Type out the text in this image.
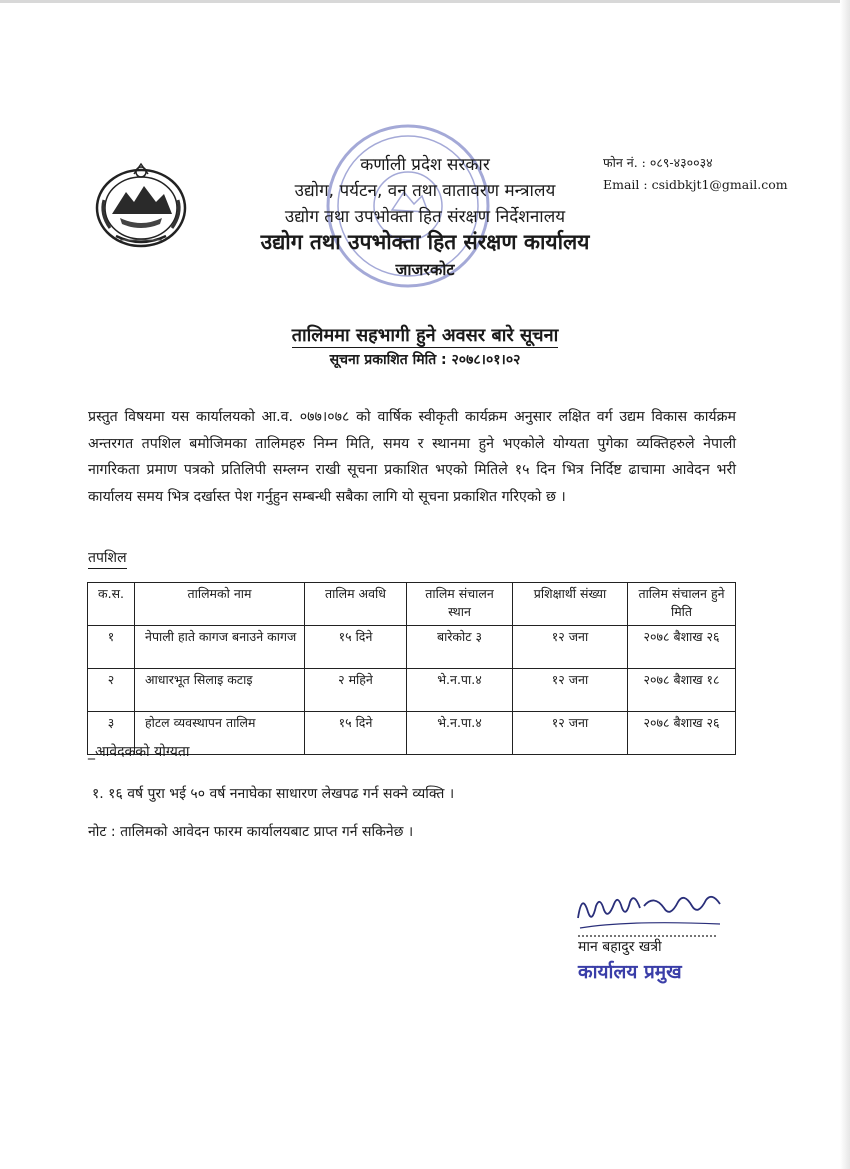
कर्णाली प्रदेश सरकार
उद्योग, पर्यटन, वन तथा वातावरण मन्त्रालय
उद्योग तथा उपभोक्ता हित संरक्षण निर्देशनालय
उद्योग तथा उपभोक्ता हित संरक्षण कार्यालय
जाजरकोट
फोन नं. : ०८९-४३००३४
Email : csidbkjt1@gmail.com
तालिममा सहभागी हुने अवसर बारे सूचना
सूचना प्रकाशित मिति : २०७८।०१।०२
प्रस्तुत विषयमा यस कार्यालयको आ.व. ०७७।०७८ को वार्षिक स्वीकृती कार्यक्रम अनुसार लक्षित वर्ग उद्यम विकास कार्यक्रम अन्तरगत तपशिल बमोजिमका तालिमहरु निम्न मिति, समय र स्थानमा हुने भएकोले योग्यता पुगेका व्यक्तिहरुले नेपाली नागरिकता प्रमाण पत्रको प्रतिलिपी सम्लग्न राखी सूचना प्रकाशित भएको मितिले १५ दिन भित्र निर्दिष्ट ढाचामा आवेदन भरी कार्यालय समय भित्र दर्खास्त पेश गर्नुहुन सम्बन्धी सबैका लागि यो सूचना प्रकाशित गरिएको छ ।
तपशिल
क.स.	तालिमको नाम	तालिम अवधि	तालिम संचालन स्थान	प्रशिक्षार्थी संख्या	तालिम संचालन हुने मिति
१	नेपाली हाते कागज बनाउने कागज	१५ दिने	बारेकोट ३	१२ जना	२०७८ बैशाख २६
२	आधारभूत सिलाइ कटाइ	२ महिने	भे.न.पा.४	१२ जना	२०७८ बैशाख १८
३	होटल व्यवस्थापन तालिम	१५ दिने	भे.न.पा.४	१२ जना	२०७८ बैशाख २६
_आवेदकको योग्यता
१. १६ वर्ष पुरा भई ५० वर्ष ननाघेका साधारण लेखपढ गर्न सक्ने व्यक्ति ।
नोट : तालिमको आवेदन फारम कार्यालयबाट प्राप्त गर्न सकिनेछ ।
मान बहादुर खत्री
कार्यालय प्रमुख
